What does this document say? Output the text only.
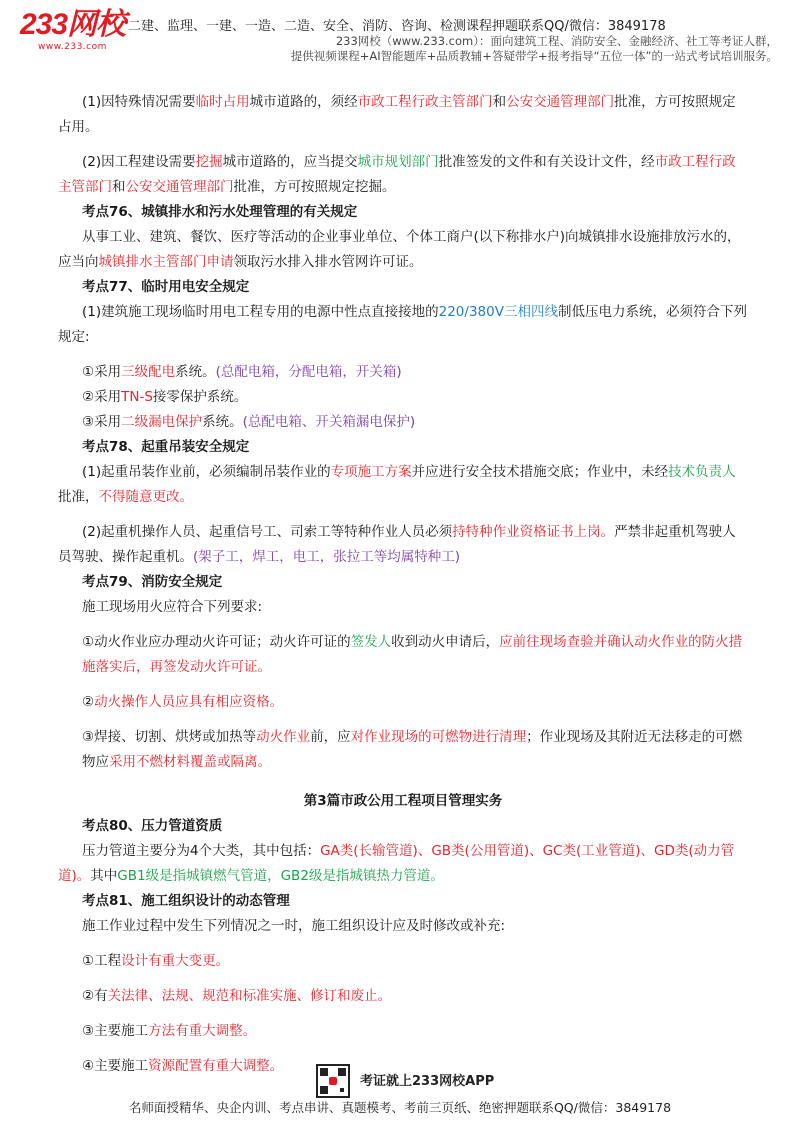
233网校
www.233.com
二建、监理、一建、一造、二造、安全、消防、咨询、检测课程押题联系QQ/微信：3849178
233网校（www.233.com）：面向建筑工程、消防安全、金融经济、社工等考证人群，
提供视频课程+AI智能题库+品质教辅+答疑带学+报考指导“五位一体”的一站式考试培训服务。

(1)因特殊情况需要临时占用城市道路的，须经市政工程行政主管部门和公安交通管理部门批准，方可按照规定占用。

(2)因工程建设需要挖掘城市道路的，应当提交城市规划部门批准签发的文件和有关设计文件，经市政工程行政主管部门和公安交通管理部门批准，方可按照规定挖掘。

考点76、城镇排水和污水处理管理的有关规定

从事工业、建筑、餐饮、医疗等活动的企业事业单位、个体工商户(以下称排水户)向城镇排水设施排放污水的，应当向城镇排水主管部门申请领取污水排入排水管网许可证。

考点77、临时用电安全规定

(1)建筑施工现场临时用电工程专用的电源中性点直接接地的220/380V三相四线制低压电力系统，必须符合下列规定:

①采用三级配电系统。(总配电箱，分配电箱，开关箱)

②采用TN-S接零保护系统。

③采用二级漏电保护系统。(总配电箱、开关箱漏电保护)

考点78、起重吊装安全规定

(1)起重吊装作业前，必须编制吊装作业的专项施工方案并应进行安全技术措施交底；作业中，未经技术负责人批准，不得随意更改。

(2)起重机操作人员、起重信号工、司索工等特种作业人员必须持特种作业资格证书上岗。严禁非起重机驾驶人员驾驶、操作起重机。(架子工，焊工，电工，张拉工等均属特种工)

考点79、消防安全规定

施工现场用火应符合下列要求:

①动火作业应办理动火许可证；动火许可证的签发人收到动火申请后，应前往现场查验并确认动火作业的防火措施落实后，再签发动火许可证。

②动火操作人员应具有相应资格。

③焊接、切割、烘烤或加热等动火作业前，应对作业现场的可燃物进行清理；作业现场及其附近无法移走的可燃物应采用不燃材料覆盖或隔离。

第3篇市政公用工程项目管理实务

考点80、压力管道资质

压力管道主要分为4个大类，其中包括：GA类(长输管道)、GB类(公用管道)、GC类(工业管道)、GD类(动力管道)。其中GB1级是指城镇燃气管道，GB2级是指城镇热力管道。

考点81、施工组织设计的动态管理

施工作业过程中发生下列情况之一时，施工组织设计应及时修改或补充:

①工程设计有重大变更。

②有关法律、法规、规范和标准实施、修订和废止。

③主要施工方法有重大调整。

④主要施工资源配置有重大调整。

考证就上233网校APP
名师面授精华、央企内训、考点串讲、真题模考、考前三页纸、绝密押题联系QQ/微信：3849178
